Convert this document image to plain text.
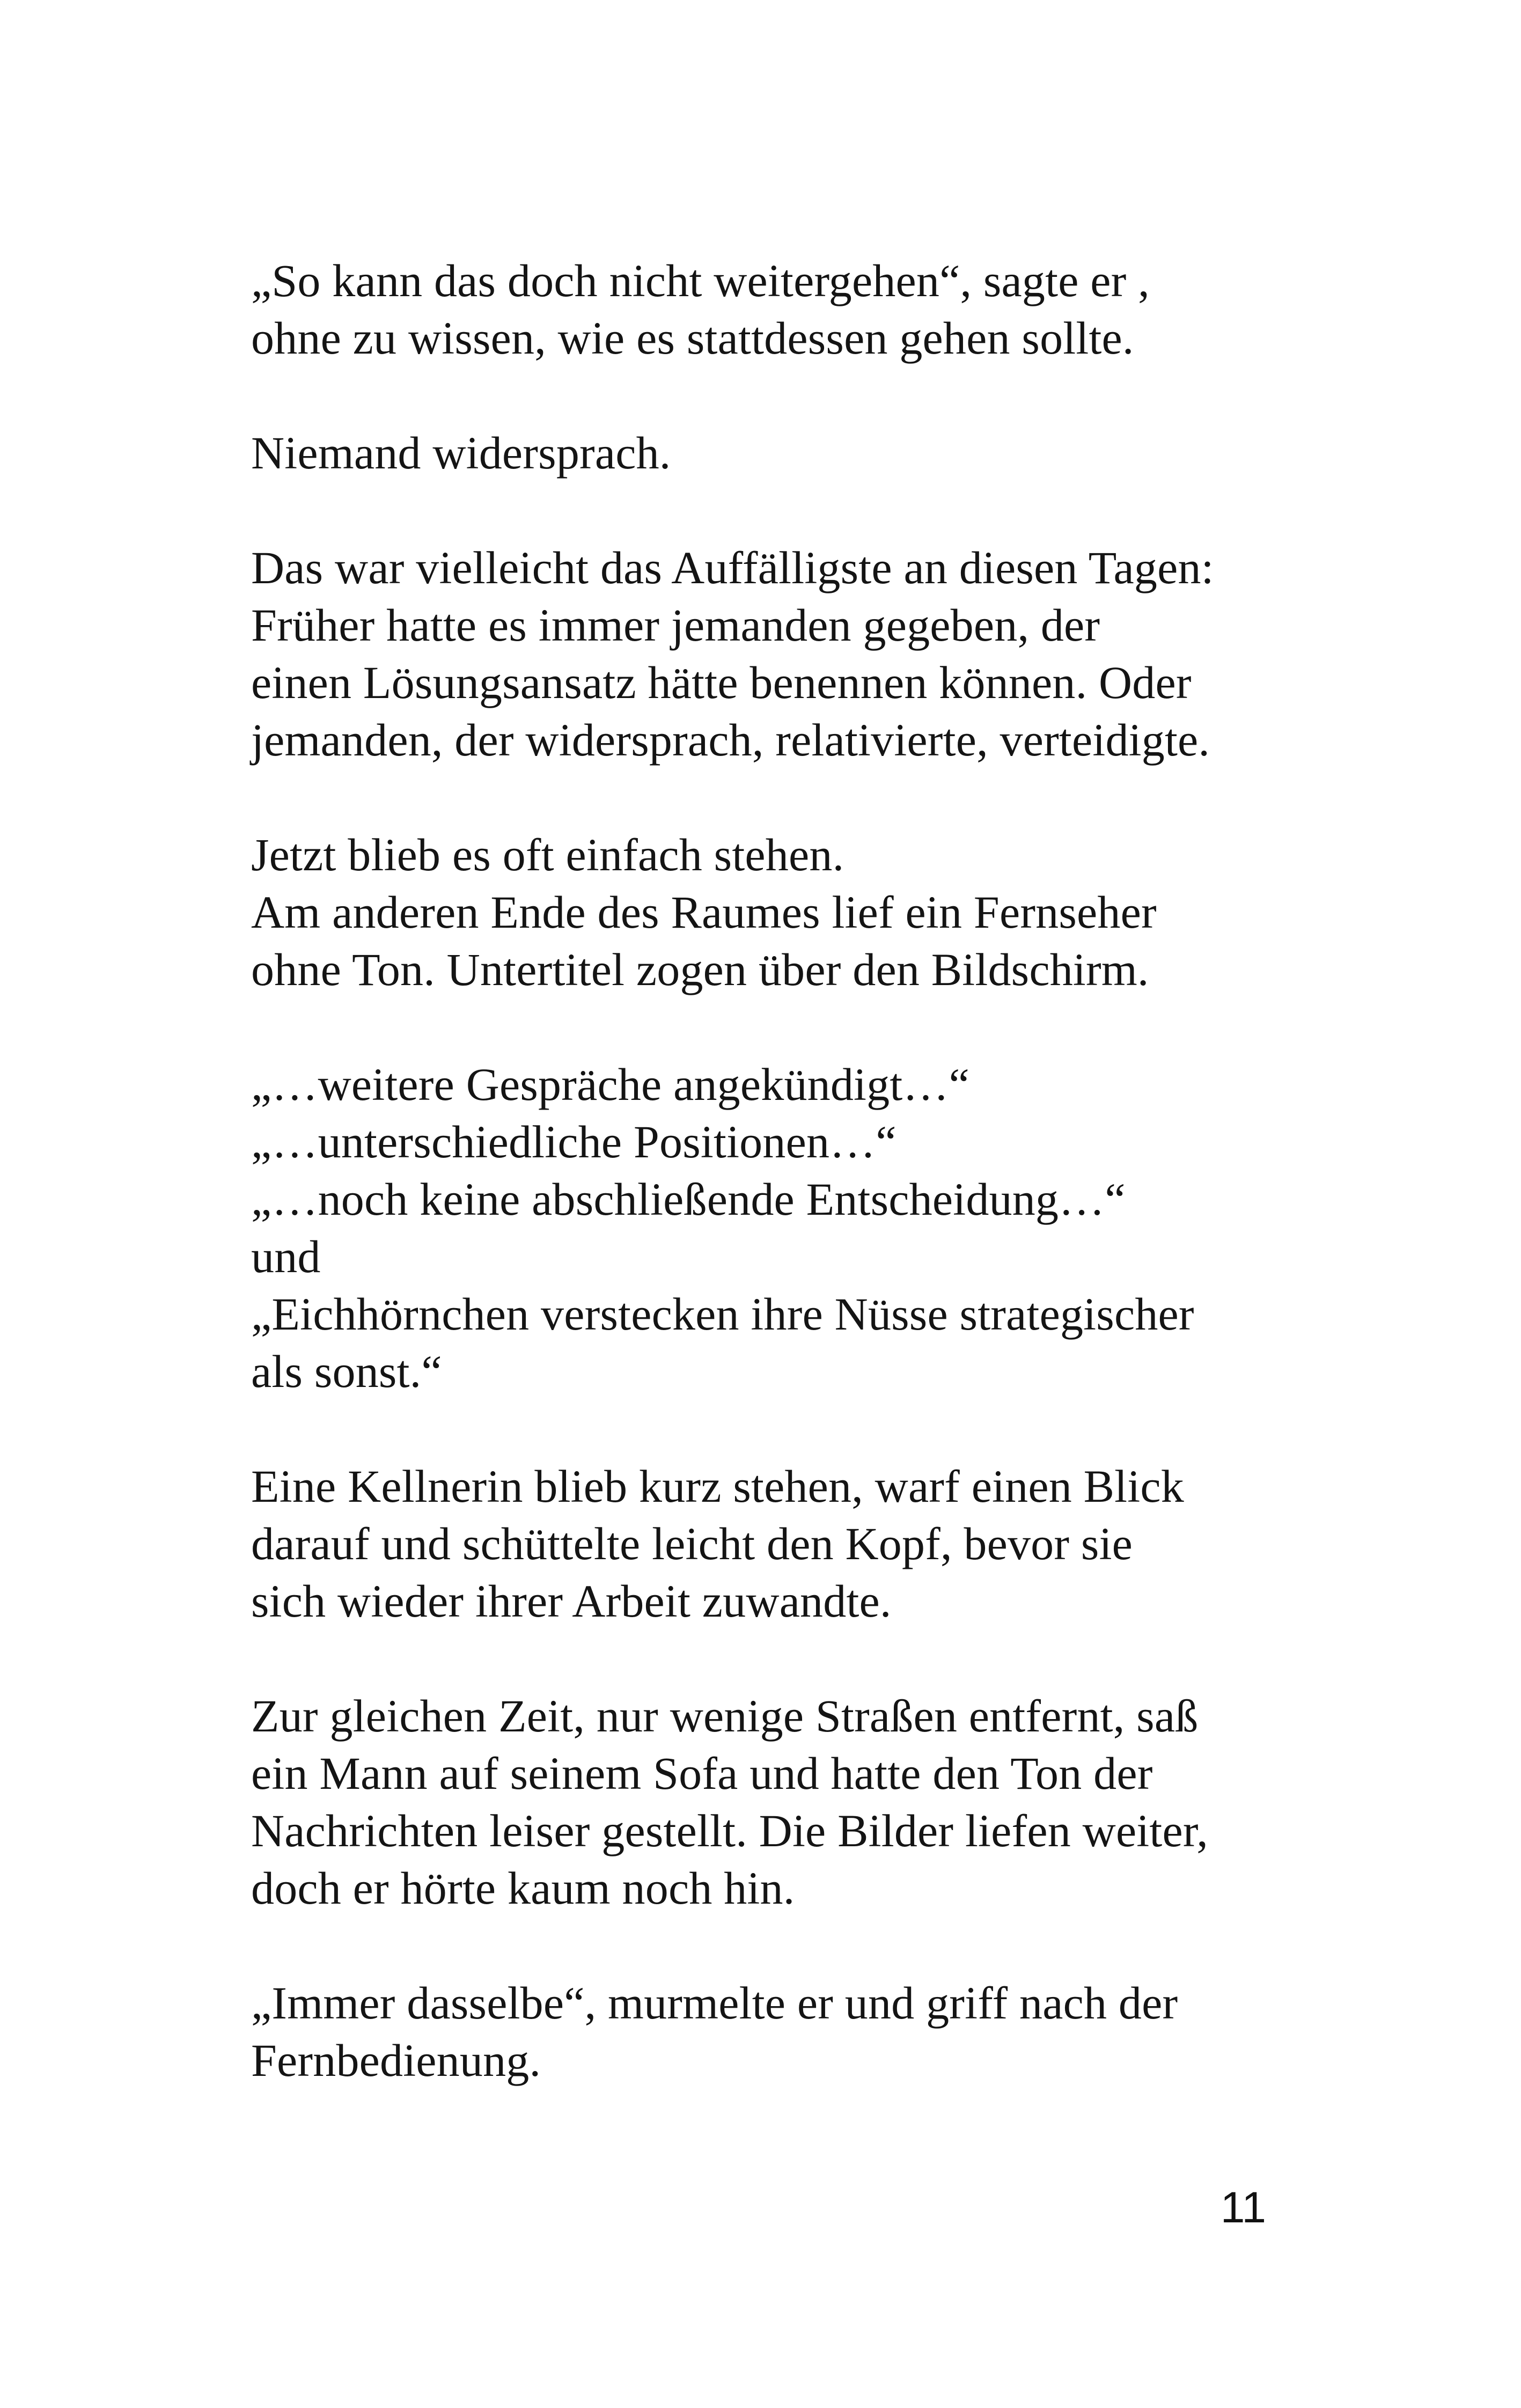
„So kann das doch nicht weitergehen“, sagte er ,
ohne zu wissen, wie es stattdessen gehen sollte.

Niemand widersprach.

Das war vielleicht das Auffälligste an diesen Tagen:
Früher hatte es immer jemanden gegeben, der
einen Lösungsansatz hätte benennen können. Oder
jemanden, der widersprach, relativierte, verteidigte.

Jetzt blieb es oft einfach stehen.
Am anderen Ende des Raumes lief ein Fernseher
ohne Ton. Untertitel zogen über den Bildschirm.

„…weitere Gespräche angekündigt…“
„…unterschiedliche Positionen…“
„…noch keine abschließende Entscheidung…“
und
„Eichhörnchen verstecken ihre Nüsse strategischer
als sonst.“

Eine Kellnerin blieb kurz stehen, warf einen Blick
darauf und schüttelte leicht den Kopf, bevor sie
sich wieder ihrer Arbeit zuwandte.

Zur gleichen Zeit, nur wenige Straßen entfernt, saß
ein Mann auf seinem Sofa und hatte den Ton der
Nachrichten leiser gestellt. Die Bilder liefen weiter,
doch er hörte kaum noch hin.

„Immer dasselbe“, murmelte er und griff nach der
Fernbedienung.

11
